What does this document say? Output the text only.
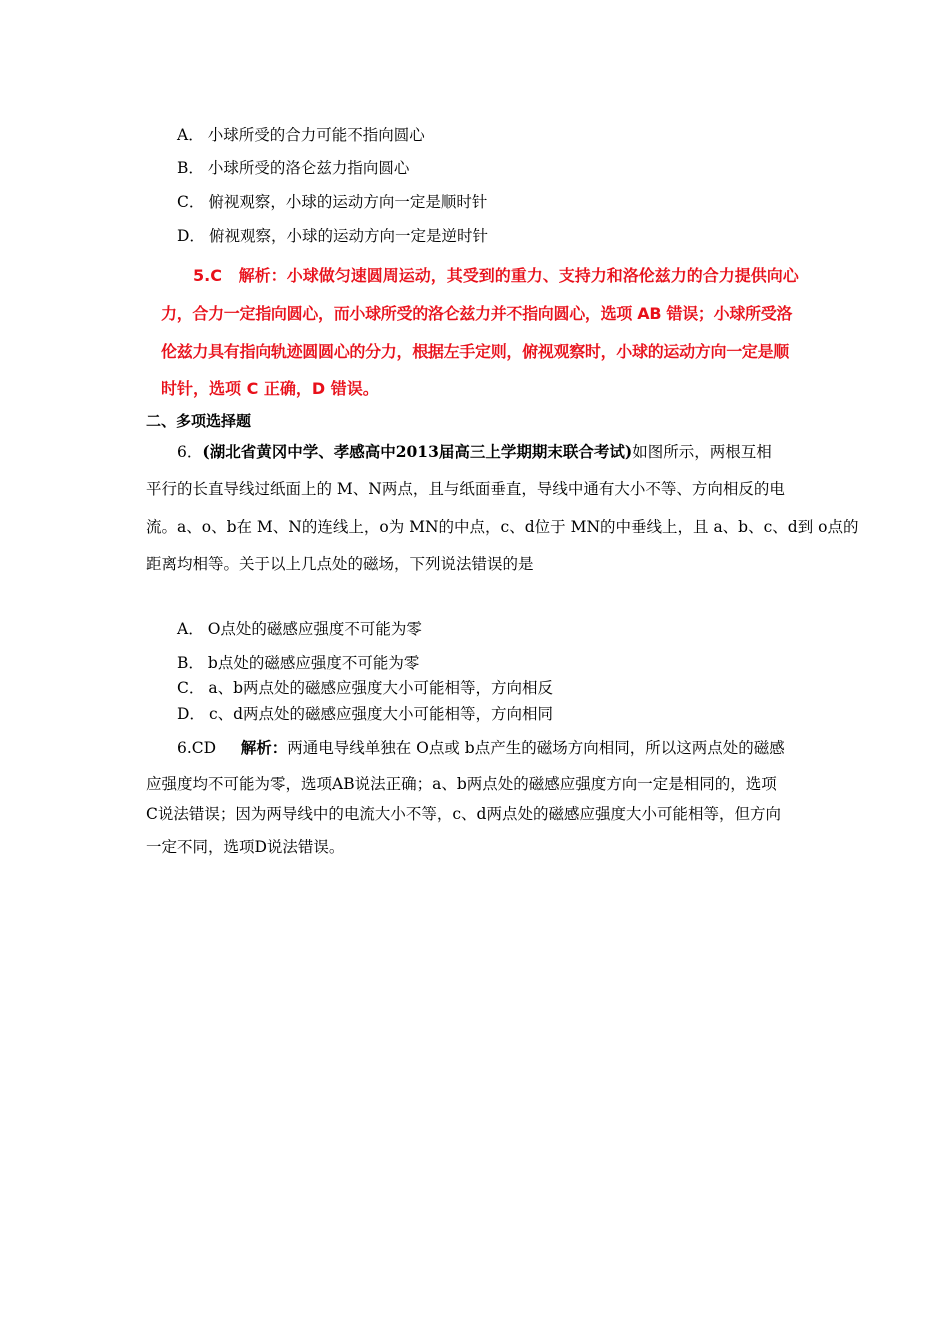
A． 小球所受的合力可能不指向圆心
B． 小球所受的洛仑兹力指向圆心
C． 俯视观察，小球的运动方向一定是顺时针
D． 俯视观察，小球的运动方向一定是逆时针
5.C 解析：小球做匀速圆周运动，其受到的重力、支持力和洛伦兹力的合力提供向心
力，合力一定指向圆心，而小球所受的洛仑兹力并不指向圆心，选项 AB 错误；小球所受洛
伦兹力具有指向轨迹圆圆心的分力，根据左手定则，俯视观察时，小球的运动方向一定是顺
时针，选项 C 正确，D 错误。
二、多项选择题
6．(湖北省黄冈中学、孝感高中2013届高三上学期期末联合考试)如图所示，两根互相
平行的长直导线过纸面上的 M、N两点，且与纸面垂直，导线中通有大小不等、方向相反的电
流。a、o、b在 M、N的连线上，o为 MN的中点，c、d位于 MN的中垂线上，且 a、b、c、d到 o点的
距离均相等。关于以上几点处的磁场，下列说法错误的是
A． O点处的磁感应强度不可能为零
B． b点处的磁感应强度不可能为零
C． a、b两点处的磁感应强度大小可能相等，方向相反
D． c、d两点处的磁感应强度大小可能相等，方向相同
6.CD 解析：两通电导线单独在 O点或 b点产生的磁场方向相同，所以这两点处的磁感
应强度均不可能为零，选项AB说法正确；a、b两点处的磁感应强度方向一定是相同的，选项
C说法错误；因为两导线中的电流大小不等，c、d两点处的磁感应强度大小可能相等，但方向
一定不同，选项D说法错误。
